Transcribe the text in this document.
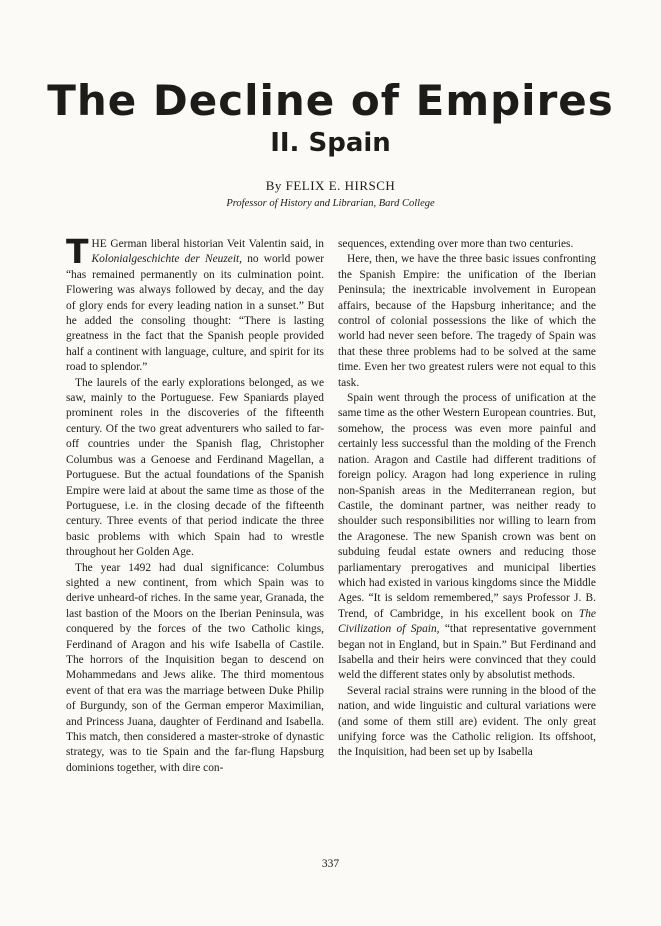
The Decline of Empires
II. Spain
By FELIX E. HIRSCH
Professor of History and Librarian, Bard College

THE German liberal historian Veit Valentin said, in Kolonialgeschichte der Neuzeit, no world power “has remained permanently on its culmination point. Flowering was always followed by decay, and the day of glory ends for every leading nation in a sunset.” But he added the consoling thought: “There is lasting greatness in the fact that the Spanish people provided half a continent with language, culture, and spirit for its road to splendor.”

The laurels of the early explorations belonged, as we saw, mainly to the Portuguese. Few Spaniards played prominent roles in the discoveries of the fifteenth century. Of the two great adventurers who sailed to far-off countries under the Spanish flag, Christopher Columbus was a Genoese and Ferdinand Magellan, a Portuguese. But the actual foundations of the Spanish Empire were laid at about the same time as those of the Portuguese, i.e. in the closing decade of the fifteenth century. Three events of that period indicate the three basic problems with which Spain had to wrestle throughout her Golden Age.

The year 1492 had dual significance: Columbus sighted a new continent, from which Spain was to derive unheard-of riches. In the same year, Granada, the last bastion of the Moors on the Iberian Peninsula, was conquered by the forces of the two Catholic kings, Ferdinand of Aragon and his wife Isabella of Castile. The horrors of the Inquisition began to descend on Mohammedans and Jews alike. The third momentous event of that era was the marriage between Duke Philip of Burgundy, son of the German emperor Maximilian, and Princess Juana, daughter of Ferdinand and Isabella. This match, then considered a master-stroke of dynastic strategy, was to tie Spain and the far-flung Hapsburg dominions together, with dire con-

sequences, extending over more than two centuries.

Here, then, we have the three basic issues confronting the Spanish Empire: the unification of the Iberian Peninsula; the inextricable involvement in European affairs, because of the Hapsburg inheritance; and the control of colonial possessions the like of which the world had never seen before. The tragedy of Spain was that these three problems had to be solved at the same time. Even her two greatest rulers were not equal to this task.

Spain went through the process of unification at the same time as the other Western European countries. But, somehow, the process was even more painful and certainly less successful than the molding of the French nation. Aragon and Castile had different traditions of foreign policy. Aragon had long experience in ruling non-Spanish areas in the Mediterranean region, but Castile, the dominant partner, was neither ready to shoulder such responsibilities nor willing to learn from the Aragonese. The new Spanish crown was bent on subduing feudal estate owners and reducing those parliamentary prerogatives and municipal liberties which had existed in various kingdoms since the Middle Ages. “It is seldom remembered,” says Professor J. B. Trend, of Cambridge, in his excellent book on The Civilization of Spain, “that representative government began not in England, but in Spain.” But Ferdinand and Isabella and their heirs were convinced that they could weld the different states only by absolutist methods.

Several racial strains were running in the blood of the nation, and wide linguistic and cultural variations were (and some of them still are) evident. The only great unifying force was the Catholic religion. Its offshoot, the Inquisition, had been set up by Isabella

337
